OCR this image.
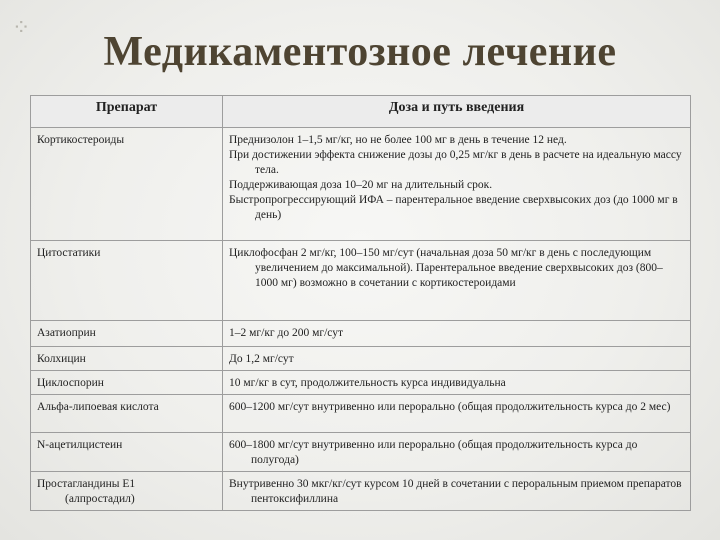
⁘
Медикаментозное лечение
Препарат	Доза и путь введения

Кортикостероиды	Преднизолон 1–1,5 мг/кг, но не более 100 мг в день в течение 12 нед.
При достижении эффекта снижение дозы до 0,25 мг/кг в день в расчете на идеальную массу тела.
Поддерживающая доза 10–20 мг на длительный срок.
Быстропрогрессирующий ИФА – парентеральное введение сверхвысоких доз (до 1000 мг в день)

Цитостатики	Циклофосфан 2 мг/кг, 100–150 мг/сут (начальная доза 50 мг/кг в день с последующим увеличением до максимальной). Парентеральное введение сверхвысоких доз (800–1000 мг) возможно в сочетании с кортикостероидами

Азатиоприн	1–2 мг/кг до 200 мг/сут

Колхицин	До 1,2 мг/сут

Циклоспорин	10 мг/кг в сут, продолжительность курса индивидуальна

Альфа-липоевая кислота	600–1200 мг/сут внутривенно или перорально (общая продолжительность курса до 2 мес)

N-ацетилцистеин	600–1800 мг/сут внутривенно или перорально (общая продолжительность курса до полугода)

Простагландины E1
(алпростадил)	Внутривенно 30 мкг/кг/сут курсом 10 дней в сочетании с пероральным приемом препаратов пентоксифиллина
